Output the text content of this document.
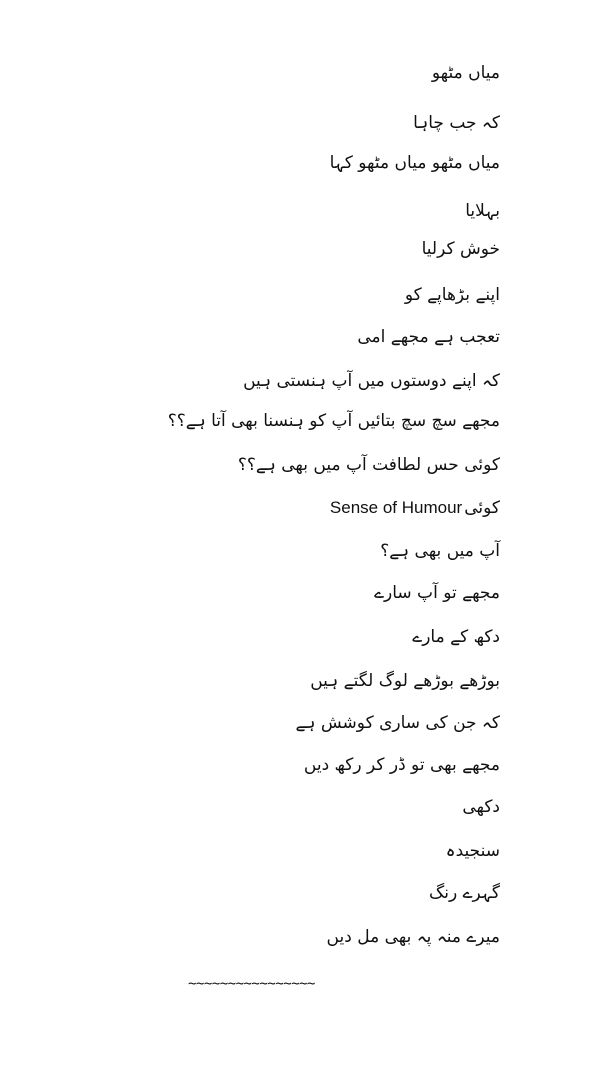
میاں مٹھو

کہ جب چاہا

میاں مٹھو میاں مٹھو کہا

بہلایا

خوش کرلیا

اپنے بڑھاپے کو

تعجب ہے مجھے امی

کہ اپنے دوستوں میں آپ ہنستی ہیں

مجھے سچ سچ بتائیں آپ کو ہنسنا بھی آتا ہے؟؟

کوئی حس لطافت آپ میں بھی ہے؟؟

Sense of Humour کوئی

آپ میں بھی ہے؟

مجھے تو آپ سارے

دکھ کے مارے

بوڑھے بوڑھے لوگ لگتے ہیں

کہ جن کی ساری کوشش ہے

مجھے بھی تو ڈر کر رکھ دیں

دکھی

سنجیدہ

گہرے رنگ

میرے منہ پہ بھی مل دیں

~~~~~~~~~~~~~~~~
